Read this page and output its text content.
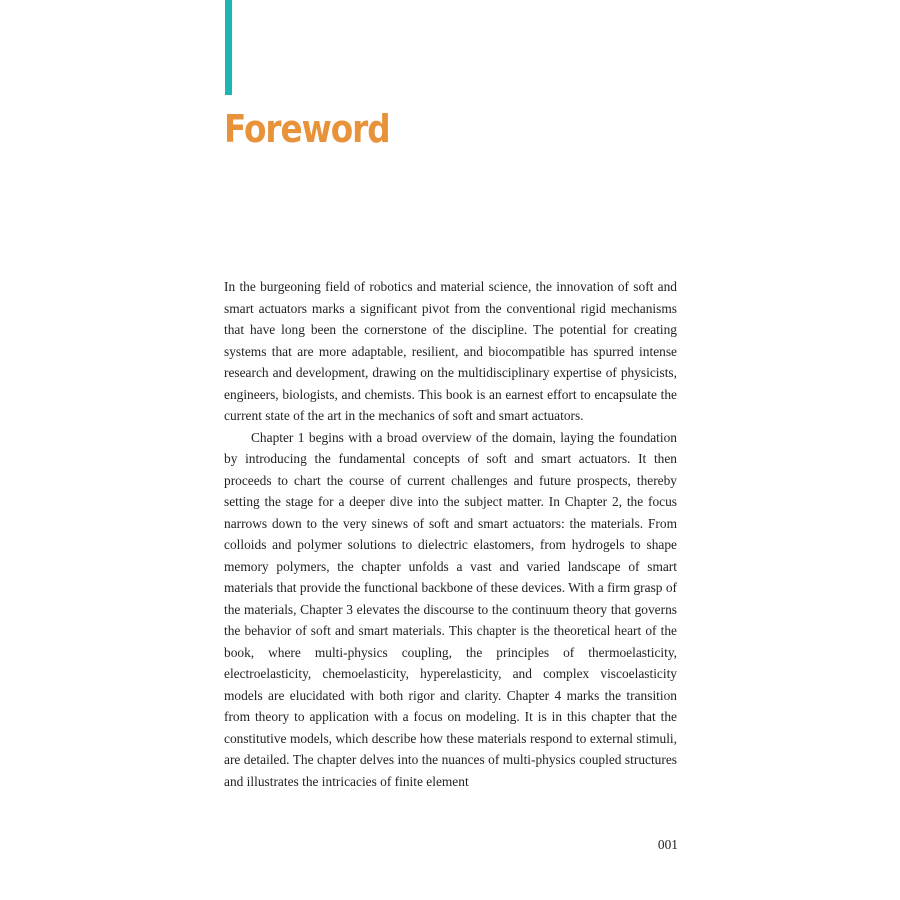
Foreword

In the burgeoning field of robotics and material science, the innovation of soft and smart actuators marks a significant pivot from the conventional rigid mechanisms that have long been the cornerstone of the discipline. The potential for creating systems that are more adaptable, resilient, and biocompatible has spurred intense research and development, drawing on the multidisciplinary expertise of physicists, engineers, biologists, and chemists. This book is an earnest effort to encapsulate the current state of the art in the mechanics of soft and smart actuators.

Chapter 1 begins with a broad overview of the domain, laying the foundation by introducing the fundamental concepts of soft and smart actuators. It then proceeds to chart the course of current challenges and future prospects, thereby setting the stage for a deeper dive into the subject matter. In Chapter 2, the focus narrows down to the very sinews of soft and smart actuators: the materials. From colloids and polymer solutions to dielectric elastomers, from hydrogels to shape memory polymers, the chapter unfolds a vast and varied landscape of smart materials that provide the functional backbone of these devices. With a firm grasp of the materials, Chapter 3 elevates the discourse to the continuum theory that governs the behavior of soft and smart materials. This chapter is the theoretical heart of the book, where multi-physics coupling, the principles of thermoelasticity, electroelasticity, chemoelasticity, hyperelasticity, and complex viscoelasticity models are elucidated with both rigor and clarity. Chapter 4 marks the transition from theory to application with a focus on modeling. It is in this chapter that the constitutive models, which describe how these materials respond to external stimuli, are detailed. The chapter delves into the nuances of multi-physics coupled structures and illustrates the intricacies of finite element

001
